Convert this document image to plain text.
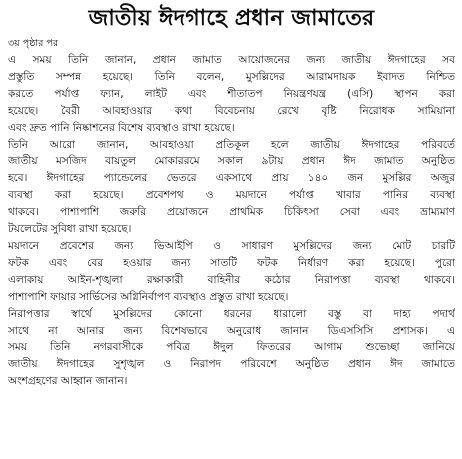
জাতীয় ঈদগাহে প্রধান জামাতের
৩য় পৃষ্ঠার পর
এ সময় তিনি জানান, প্রধান জামাত আয়োজনের জন্য জাতীয় ঈদগাহের সব
প্রস্তুতি সম্পন্ন হয়েছে। তিনি বলেন, মুসল্লিদের আরামদায়ক ইবাদত নিশ্চিত
করতে পর্যাপ্ত ফ্যান, লাইট এবং শীতাতপ নিয়ন্ত্রণযন্ত্র (এসি) স্থাপন করা
হয়েছে। বৈরী আবহাওয়ার কথা বিবেচনায় রেখে বৃষ্টি নিরোধক সামিয়ানা
এবং দ্রুত পানি নিষ্কাশনের বিশেষ ব্যবস্থাও রাখা হয়েছে।
তিনি আরো জানান, আবহাওয়া প্রতিকূল হলে জাতীয় ঈদগাহের পরিবর্তে
জাতীয় মসজিদ বায়তুল মোকাররমে সকাল ৯টায় প্রধান ঈদ জামাত অনুষ্ঠিত
হবে। ঈদগাহের প্যান্ডেলের ভেতরে একসাথে প্রায় ১৪০ জন মুসল্লির অজুর
ব্যবস্থা করা হয়েছে। প্রবেশপথ ও ময়দানে পর্যাপ্ত খাবার পানির ব্যবস্থা
থাকবে। পাশাপাশি জরুরি প্রয়োজনে প্রাথমিক চিকিৎসা সেবা এবং ভ্রাম্যমাণ
টয়লেটের সুবিধা রাখা হয়েছে।
ময়দানে প্রবেশের জন্য ভিআইপি ও সাধারণ মুসল্লিদের জন্য মোট চারটি
ফটক এবং বের হওয়ার জন্য সাতটি ফটক নির্ধারণ করা হয়েছে। পুরো
এলাকায় আইন-শৃঙ্খলা রক্ষাকারী বাহিনীর কঠোর নিরাপত্তা ব্যবস্থা থাকবে।
পাশাপাশি ফায়ার সার্ভিসের অগ্নিনির্বাপণ ব্যবস্থাও প্রস্তুত রাখা হয়েছে।
নিরাপত্তার স্বার্থে মুসল্লিদের কোনো ধরনের ধারালো বস্তু বা দাহ্য পদার্থ
সাথে না আনার জন্য বিশেষভাবে অনুরোধ জানান ডিএসসিসি প্রশাসক। এ
সময় তিনি নগরবাসীকে পবিত্র ঈদুল ফিতরের আগাম শুভেচ্ছা জানিয়ে
জাতীয় ঈদগাহের সুশৃঙ্খল ও নিরাপদ পরিবেশে অনুষ্ঠিত প্রধান ঈদ জামাতে
অংশগ্রহণের আহ্বান জানান।
